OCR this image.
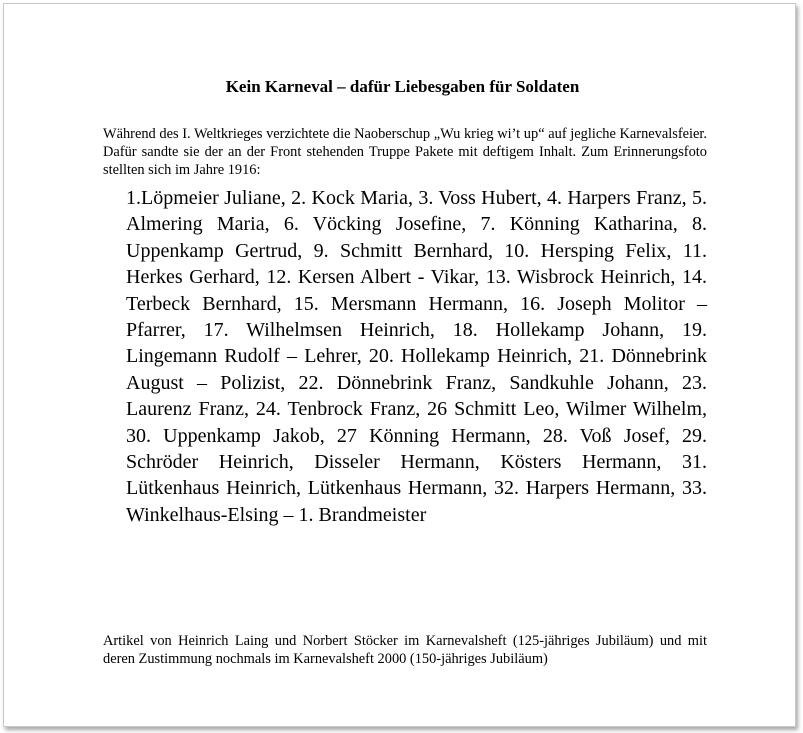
Kein Karneval – dafür Liebesgaben für Soldaten

Während des I. Weltkrieges verzichtete die Naoberschup „Wu krieg wi’t up“ auf jegliche Karnevalsfeier. Dafür sandte sie der an der Front stehenden Truppe Pakete mit deftigem Inhalt. Zum Erinnerungsfoto stellten sich im Jahre 1916:

1.Löpmeier Juliane, 2. Kock Maria, 3. Voss Hubert, 4. Harpers Franz, 5. Almering Maria, 6. Vöcking Josefine, 7. Könning Katharina, 8. Uppenkamp Gertrud, 9. Schmitt Bernhard, 10. Hersping Felix, 11. Herkes Gerhard, 12. Kersen Albert - Vikar, 13. Wisbrock Heinrich, 14. Terbeck Bernhard, 15. Mersmann Hermann, 16. Joseph Molitor – Pfarrer, 17. Wilhelmsen Heinrich, 18. Hollekamp Johann, 19. Lingemann Rudolf – Lehrer, 20. Hollekamp Heinrich, 21. Dönnebrink August – Polizist, 22. Dönnebrink Franz, Sandkuhle Johann, 23. Laurenz Franz, 24. Tenbrock Franz, 26 Schmitt Leo, Wilmer Wilhelm, 30. Uppenkamp Jakob, 27 Könning Hermann, 28. Voß Josef, 29. Schröder Heinrich, Disseler Hermann, Kösters Hermann, 31. Lütkenhaus Heinrich, Lütkenhaus Hermann, 32. Harpers Hermann, 33. Winkelhaus-Elsing – 1. Brandmeister

Artikel von Heinrich Laing und Norbert Stöcker im Karnevalsheft (125-jähriges Jubiläum) und mit deren Zustimmung nochmals im Karnevalsheft 2000 (150-jähriges Jubiläum)
